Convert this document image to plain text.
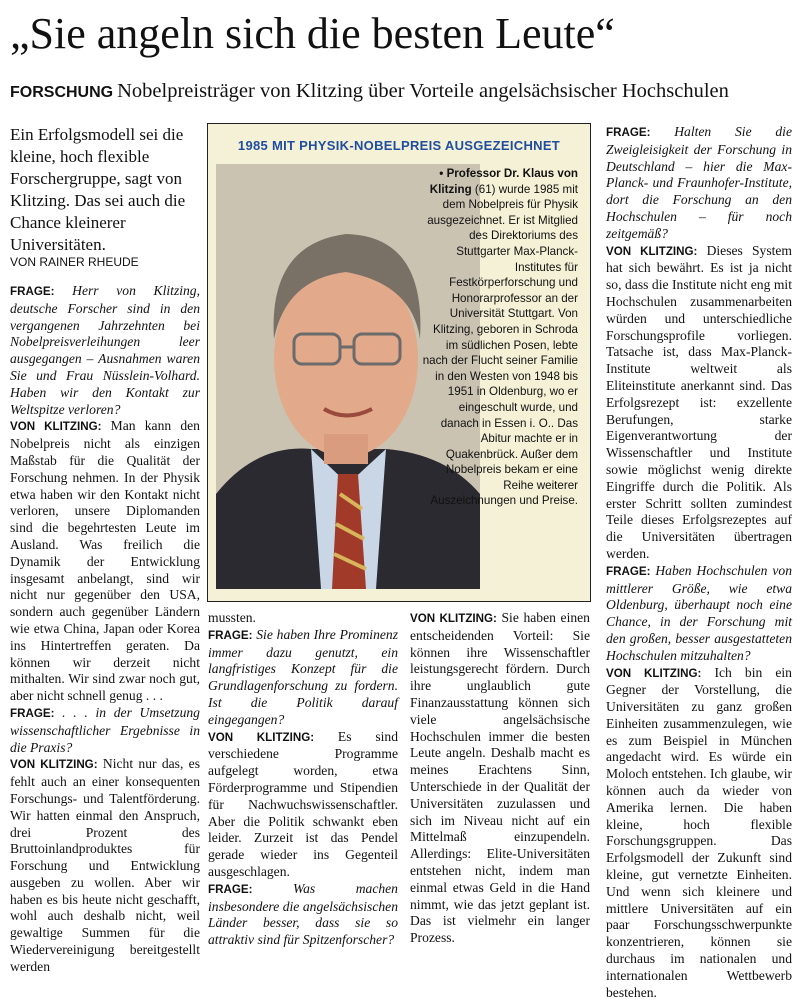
„Sie angeln sich die besten Leute“
FORSCHUNG Nobelpreisträger von Klitzing über Vorteile angelsächsischer Hochschulen
Ein Erfolgsmodell sei die kleine, hoch flexible Forschergruppe, sagt von Klitzing. Das sei auch die Chance kleinerer Universitäten.
VON RAINER RHEUDE
1985 MIT PHYSIK-NOBELPREIS AUSGEZEICHNET
• Professor Dr. Klaus von Klitzing (61) wurde 1985 mit dem Nobelpreis für Physik ausgezeichnet. Er ist Mitglied des Direktoriums des Stuttgarter Max-Planck-Institutes für Festkörperforschung und Honorarprofessor an der Universität Stuttgart. Von Klitzing, geboren in Schroda im südlichen Posen, lebte nach der Flucht seiner Familie in den Westen von 1948 bis 1951 in Oldenburg, wo er eingeschult wurde, und danach in Essen i. O.. Das Abitur machte er in Quakenbrück. Außer dem Nobelpreis bekam er eine Reihe weiterer Auszeichnungen und Preise.

FRAGE: Herr von Klitzing, deutsche Forscher sind in den vergangenen Jahrzehnten bei Nobelpreisverleihungen leer ausgegangen – Ausnahmen waren Sie und Frau Nüsslein-Volhard. Haben wir den Kontakt zur Weltspitze verloren?

VON KLITZING: Man kann den Nobelpreis nicht als einzigen Maßstab für die Qualität der Forschung nehmen. In der Physik etwa haben wir den Kontakt nicht verloren, unsere Diplomanden sind die begehrtesten Leute im Ausland. Was freilich die Dynamik der Entwicklung insgesamt anbelangt, sind wir nicht nur gegenüber den USA, sondern auch gegenüber Ländern wie etwa China, Japan oder Korea ins Hintertreffen geraten. Da können wir derzeit nicht mithalten. Wir sind zwar noch gut, aber nicht schnell genug . . .

FRAGE: . . . in der Umsetzung wissenschaftlicher Ergebnisse in die Praxis?

VON KLITZING: Nicht nur das, es fehlt auch an einer konsequenten Forschungs- und Talentförderung. Wir hatten einmal den Anspruch, drei Prozent des Bruttoinlandproduktes für Forschung und Entwicklung ausgeben zu wollen. Aber wir haben es bis heute nicht geschafft, wohl auch deshalb nicht, weil gewaltige Summen für die Wiedervereinigung bereitgestellt werden

mussten.

FRAGE: Sie haben Ihre Prominenz immer dazu genutzt, ein langfristiges Konzept für die Grundlagenforschung zu fordern. Ist die Politik darauf eingegangen?

VON KLITZING: Es sind verschiedene Programme aufgelegt worden, etwa Förderprogramme und Stipendien für Nachwuchswissenschaftler. Aber die Politik schwankt eben leider. Zurzeit ist das Pendel gerade wieder ins Gegenteil ausgeschlagen.

FRAGE:	Was machen insbesondere die angelsächsischen Länder besser, dass sie so attraktiv sind für Spitzenforscher?

VON KLITZING: Sie haben einen entscheidenden Vorteil: Sie können ihre Wissenschaftler leistungsgerecht fördern. Durch ihre unglaublich gute Finanzausstattung können sich viele angelsächsische Hochschulen immer die besten Leute angeln. Deshalb macht es meines Erachtens Sinn, Unterschiede in der Qualität der Universitäten zuzulassen und sich im Niveau nicht auf ein Mittelmaß einzupendeln. Allerdings: Elite-Universitäten entstehen nicht, indem man einmal etwas Geld in die Hand nimmt, wie das jetzt geplant ist. Das ist vielmehr ein langer Prozess.

FRAGE: Halten Sie die Zweigleisigkeit der Forschung in Deutschland – hier die Max-Planck- und Fraunhofer-Institute, dort die Forschung an den Hochschulen – für noch zeitgemäß?

VON KLITZING: Dieses System hat sich bewährt. Es ist ja nicht so, dass die Institute nicht eng mit Hochschulen zusammenarbeiten würden und unterschiedliche Forschungsprofile vorliegen. Tatsache ist, dass Max-Planck-Institute weltweit als Eliteinstitute anerkannt sind. Das Erfolgsrezept ist: exzellente Berufungen, starke Eigenverantwortung der Wissenschaftler und Institute sowie möglichst wenig direkte Eingriffe durch die Politik. Als erster Schritt sollten zumindest Teile dieses Erfolgsrezeptes auf die Universitäten übertragen werden.

FRAGE: Haben Hochschulen von mittlerer Größe, wie etwa Oldenburg, überhaupt noch eine Chance, in der Forschung mit den großen, besser ausgestatteten Hochschulen mitzuhalten?

VON KLITZING: Ich bin ein Gegner der Vorstellung, die Universitäten zu ganz großen Einheiten zusammenzulegen, wie es zum Beispiel in München angedacht wird. Es würde ein Moloch entstehen. Ich glaube, wir können auch da wieder von Amerika lernen. Die haben kleine, hoch flexible Forschungsgruppen. Das Erfolgsmodell der Zukunft sind kleine, gut vernetzte Einheiten. Und wenn sich kleinere und mittlere Universitäten auf ein paar Forschungsschwerpunkte konzentrieren, können sie durchaus im nationalen und internationalen Wettbewerb bestehen.
